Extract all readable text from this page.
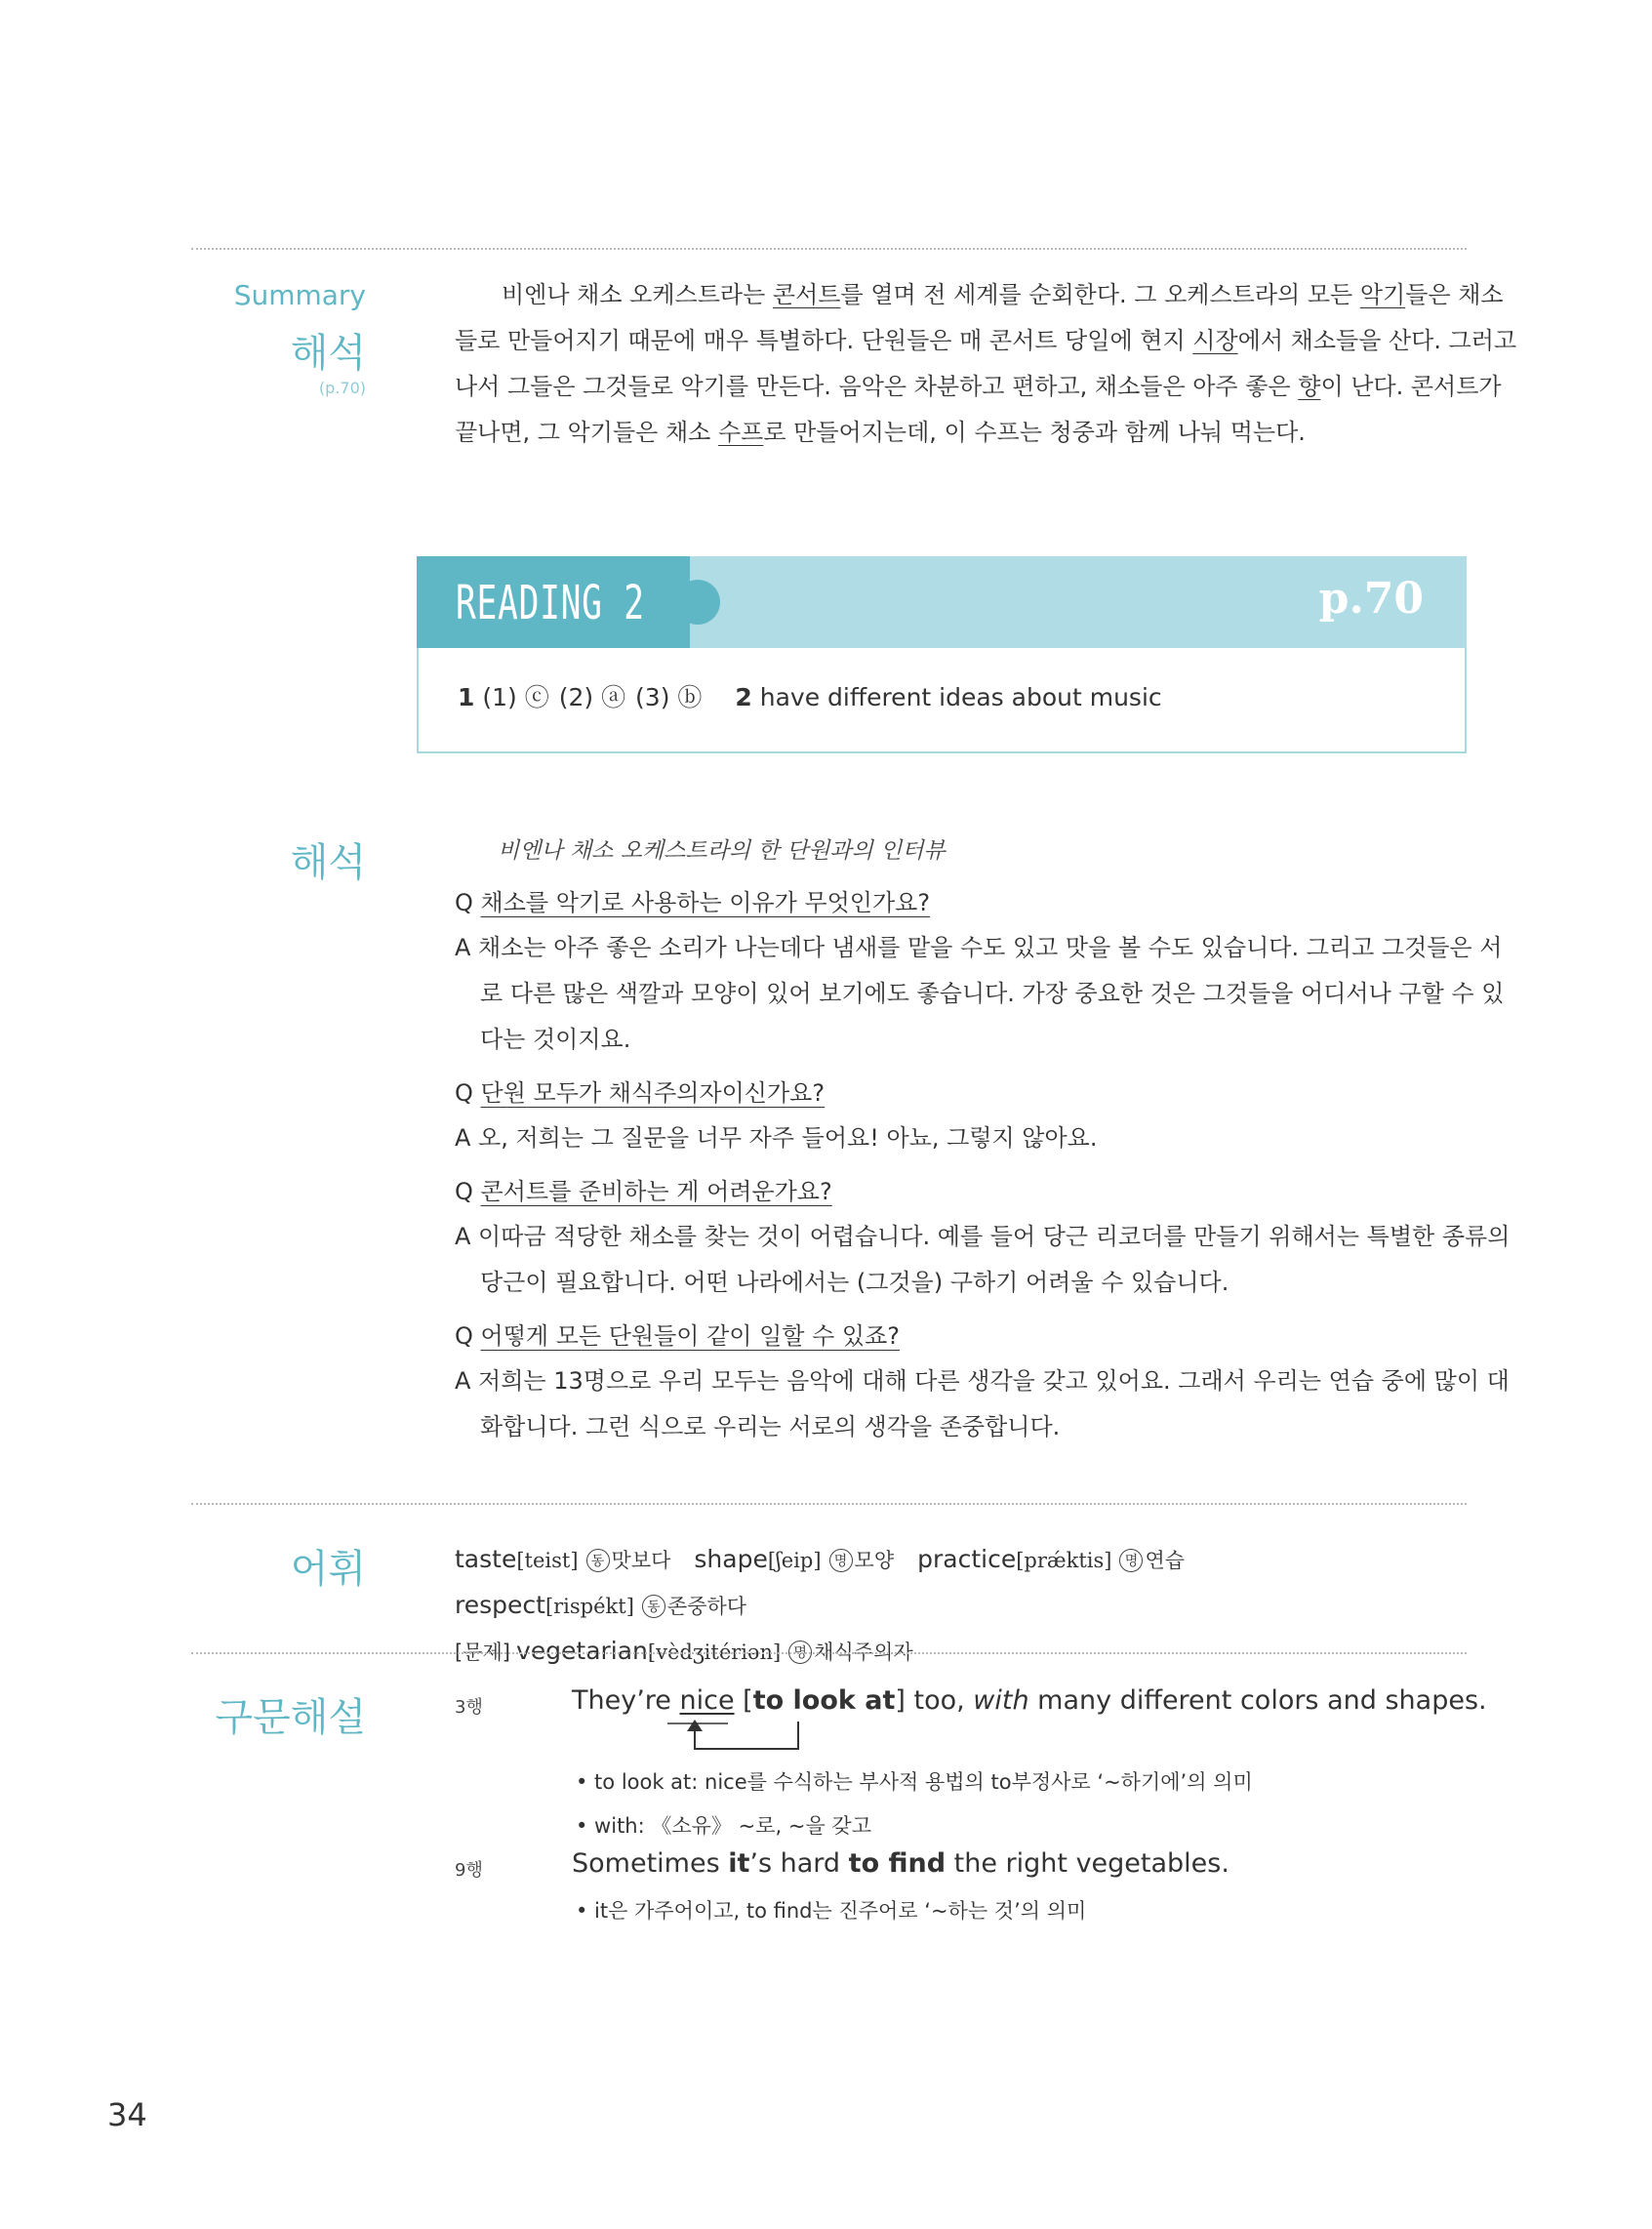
Summary
해석
(p.70)
비엔나 채소 오케스트라는 콘서트를 열며 전 세계를 순회한다. 그 오케스트라의 모든 악기들은 채소
들로 만들어지기 때문에 매우 특별하다. 단원들은 매 콘서트 당일에 현지 시장에서 채소들을 산다. 그러고
나서 그들은 그것들로 악기를 만든다. 음악은 차분하고 편하고, 채소들은 아주 좋은 향이 난다. 콘서트가
끝나면, 그 악기들은 채소 수프로 만들어지는데, 이 수프는 청중과 함께 나눠 먹는다.
READING 2	p.70
1 (1) ⓒ (2) ⓐ (3) ⓑ 2 have different ideas about music
해석	비엔나 채소 오케스트라의 한 단원과의 인터뷰
Q 채소를 악기로 사용하는 이유가 무엇인가요?
A 채소는 아주 좋은 소리가 나는데다 냄새를 맡을 수도 있고 맛을 볼 수도 있습니다. 그리고 그것들은 서
로 다른 많은 색깔과 모양이 있어 보기에도 좋습니다. 가장 중요한 것은 그것들을 어디서나 구할 수 있
다는 것이지요.
Q 단원 모두가 채식주의자이신가요?
A 오, 저희는 그 질문을 너무 자주 들어요! 아뇨, 그렇지 않아요.
Q 콘서트를 준비하는 게 어려운가요?
A 이따금 적당한 채소를 찾는 것이 어렵습니다. 예를 들어 당근 리코더를 만들기 위해서는 특별한 종류의
당근이 필요합니다. 어떤 나라에서는 (그것을) 구하기 어려울 수 있습니다.
Q 어떻게 모든 단원들이 같이 일할 수 있죠?
A 저희는 13명으로 우리 모두는 음악에 대해 다른 생각을 갖고 있어요. 그래서 우리는 연습 중에 많이 대
화합니다. 그런 식으로 우리는 서로의 생각을 존중합니다.
어휘	taste[teist] 동 맛보다 shape[ʃeip] 명 모양 practice[prǽktis] 명 연습respect[rispékt] 동 존중하다
[문제] vegetarian[vèdʒitériən] 명 채식주의자
구문해설	3행	They’re nice [to look at] too, with many different colors and shapes.
• to look at: nice를 수식하는 부사적 용법의 to부정사로 ‘~하기에’의 의미
• with: 《소유》 ~로, ~을 갖고
9행	Sometimes it’s hard to find the right vegetables.
• it은 가주어이고, to find는 진주어로 ‘~하는 것’의 의미
34
